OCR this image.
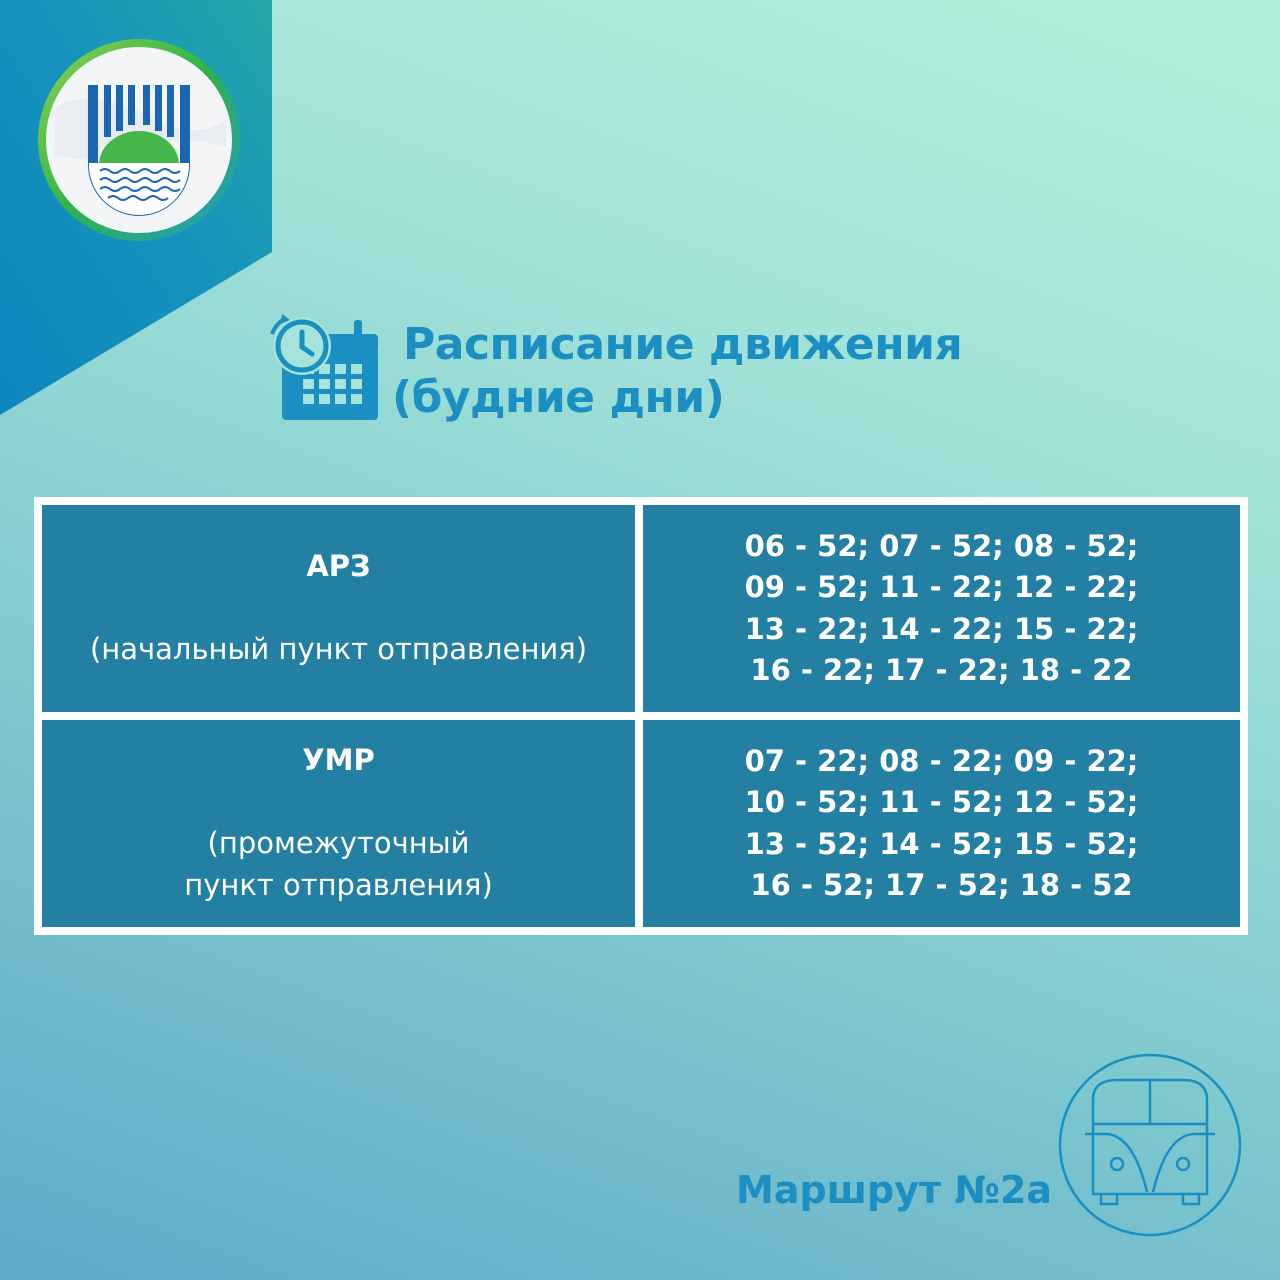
Расписание движения
(будние дни)
АРЗ
(начальный пункт отправления)	06 - 52; 07 - 52; 08 - 52;
09 - 52; 11 - 22; 12 - 22;
13 - 22; 14 - 22; 15 - 22;
16 - 22; 17 - 22; 18 - 22

УМР
(промежуточный
пункт отправления)	07 - 22; 08 - 22; 09 - 22;
10 - 52; 11 - 52; 12 - 52;
13 - 52; 14 - 52; 15 - 52;
16 - 52; 17 - 52; 18 - 52

Маршрут №2а
